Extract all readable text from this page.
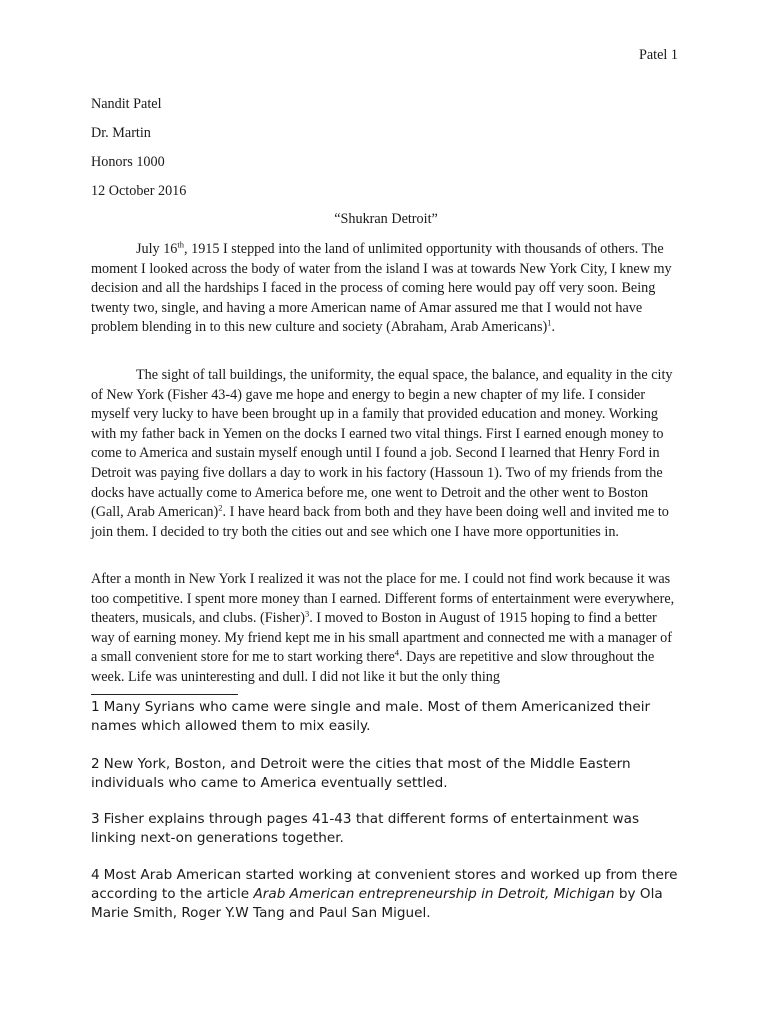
Patel 1
Nandit Patel
Dr. Martin
Honors 1000
12 October 2016
“Shukran Detroit”

July 16th, 1915 I stepped into the land of unlimited opportunity with thousands of others. The moment I looked across the body of water from the island I was at towards New York City, I knew my decision and all the hardships I faced in the process of coming here would pay off very soon. Being twenty two, single, and having a more American name of Amar assured me that I would not have problem blending in to this new culture and society (Abraham, Arab Americans)$^1$.

The sight of tall buildings, the uniformity, the equal space, the balance, and equality in the city of New York (Fisher 43-4) gave me hope and energy to begin a new chapter of my life. I consider myself very lucky to have been brought up in a family that provided education and money. Working with my father back in Yemen on the docks I earned two vital things. First I earned enough money to come to America and sustain myself enough until I found a job. Second I learned that Henry Ford in Detroit was paying five dollars a day to work in his factory (Hassoun 1). Two of my friends from the docks have actually come to America before me, one went to Detroit and the other went to Boston (Gall, Arab American)$^2$. I have heard back from both and they have been doing well and invited me to join them. I decided to try both the cities out and see which one I have more opportunities in.

After a month in New York I realized it was not the place for me. I could not find work because it was too competitive. I spent more money than I earned. Different forms of entertainment were everywhere, theaters, musicals, and clubs. (Fisher)$^3$. I moved to Boston in August of 1915 hoping to find a better way of earning money. My friend kept me in his small apartment and connected me with a manager of a small convenient store for me to start working there$^4$. Days are repetitive and slow throughout the week. Life was uninteresting and dull. I did not like it but the only thing

1 Many Syrians who came were single and male. Most of them Americanized their names which allowed them to mix easily.

2 New York, Boston, and Detroit were the cities that most of the Middle Eastern individuals who came to America eventually settled.

3 Fisher explains through pages 41-43 that different forms of entertainment was linking next-on generations together.

4 Most Arab American started working at convenient stores and worked up from there according to the article Arab American entrepreneurship in Detroit, Michigan by Ola Marie Smith, Roger Y.W Tang and Paul San Miguel.
